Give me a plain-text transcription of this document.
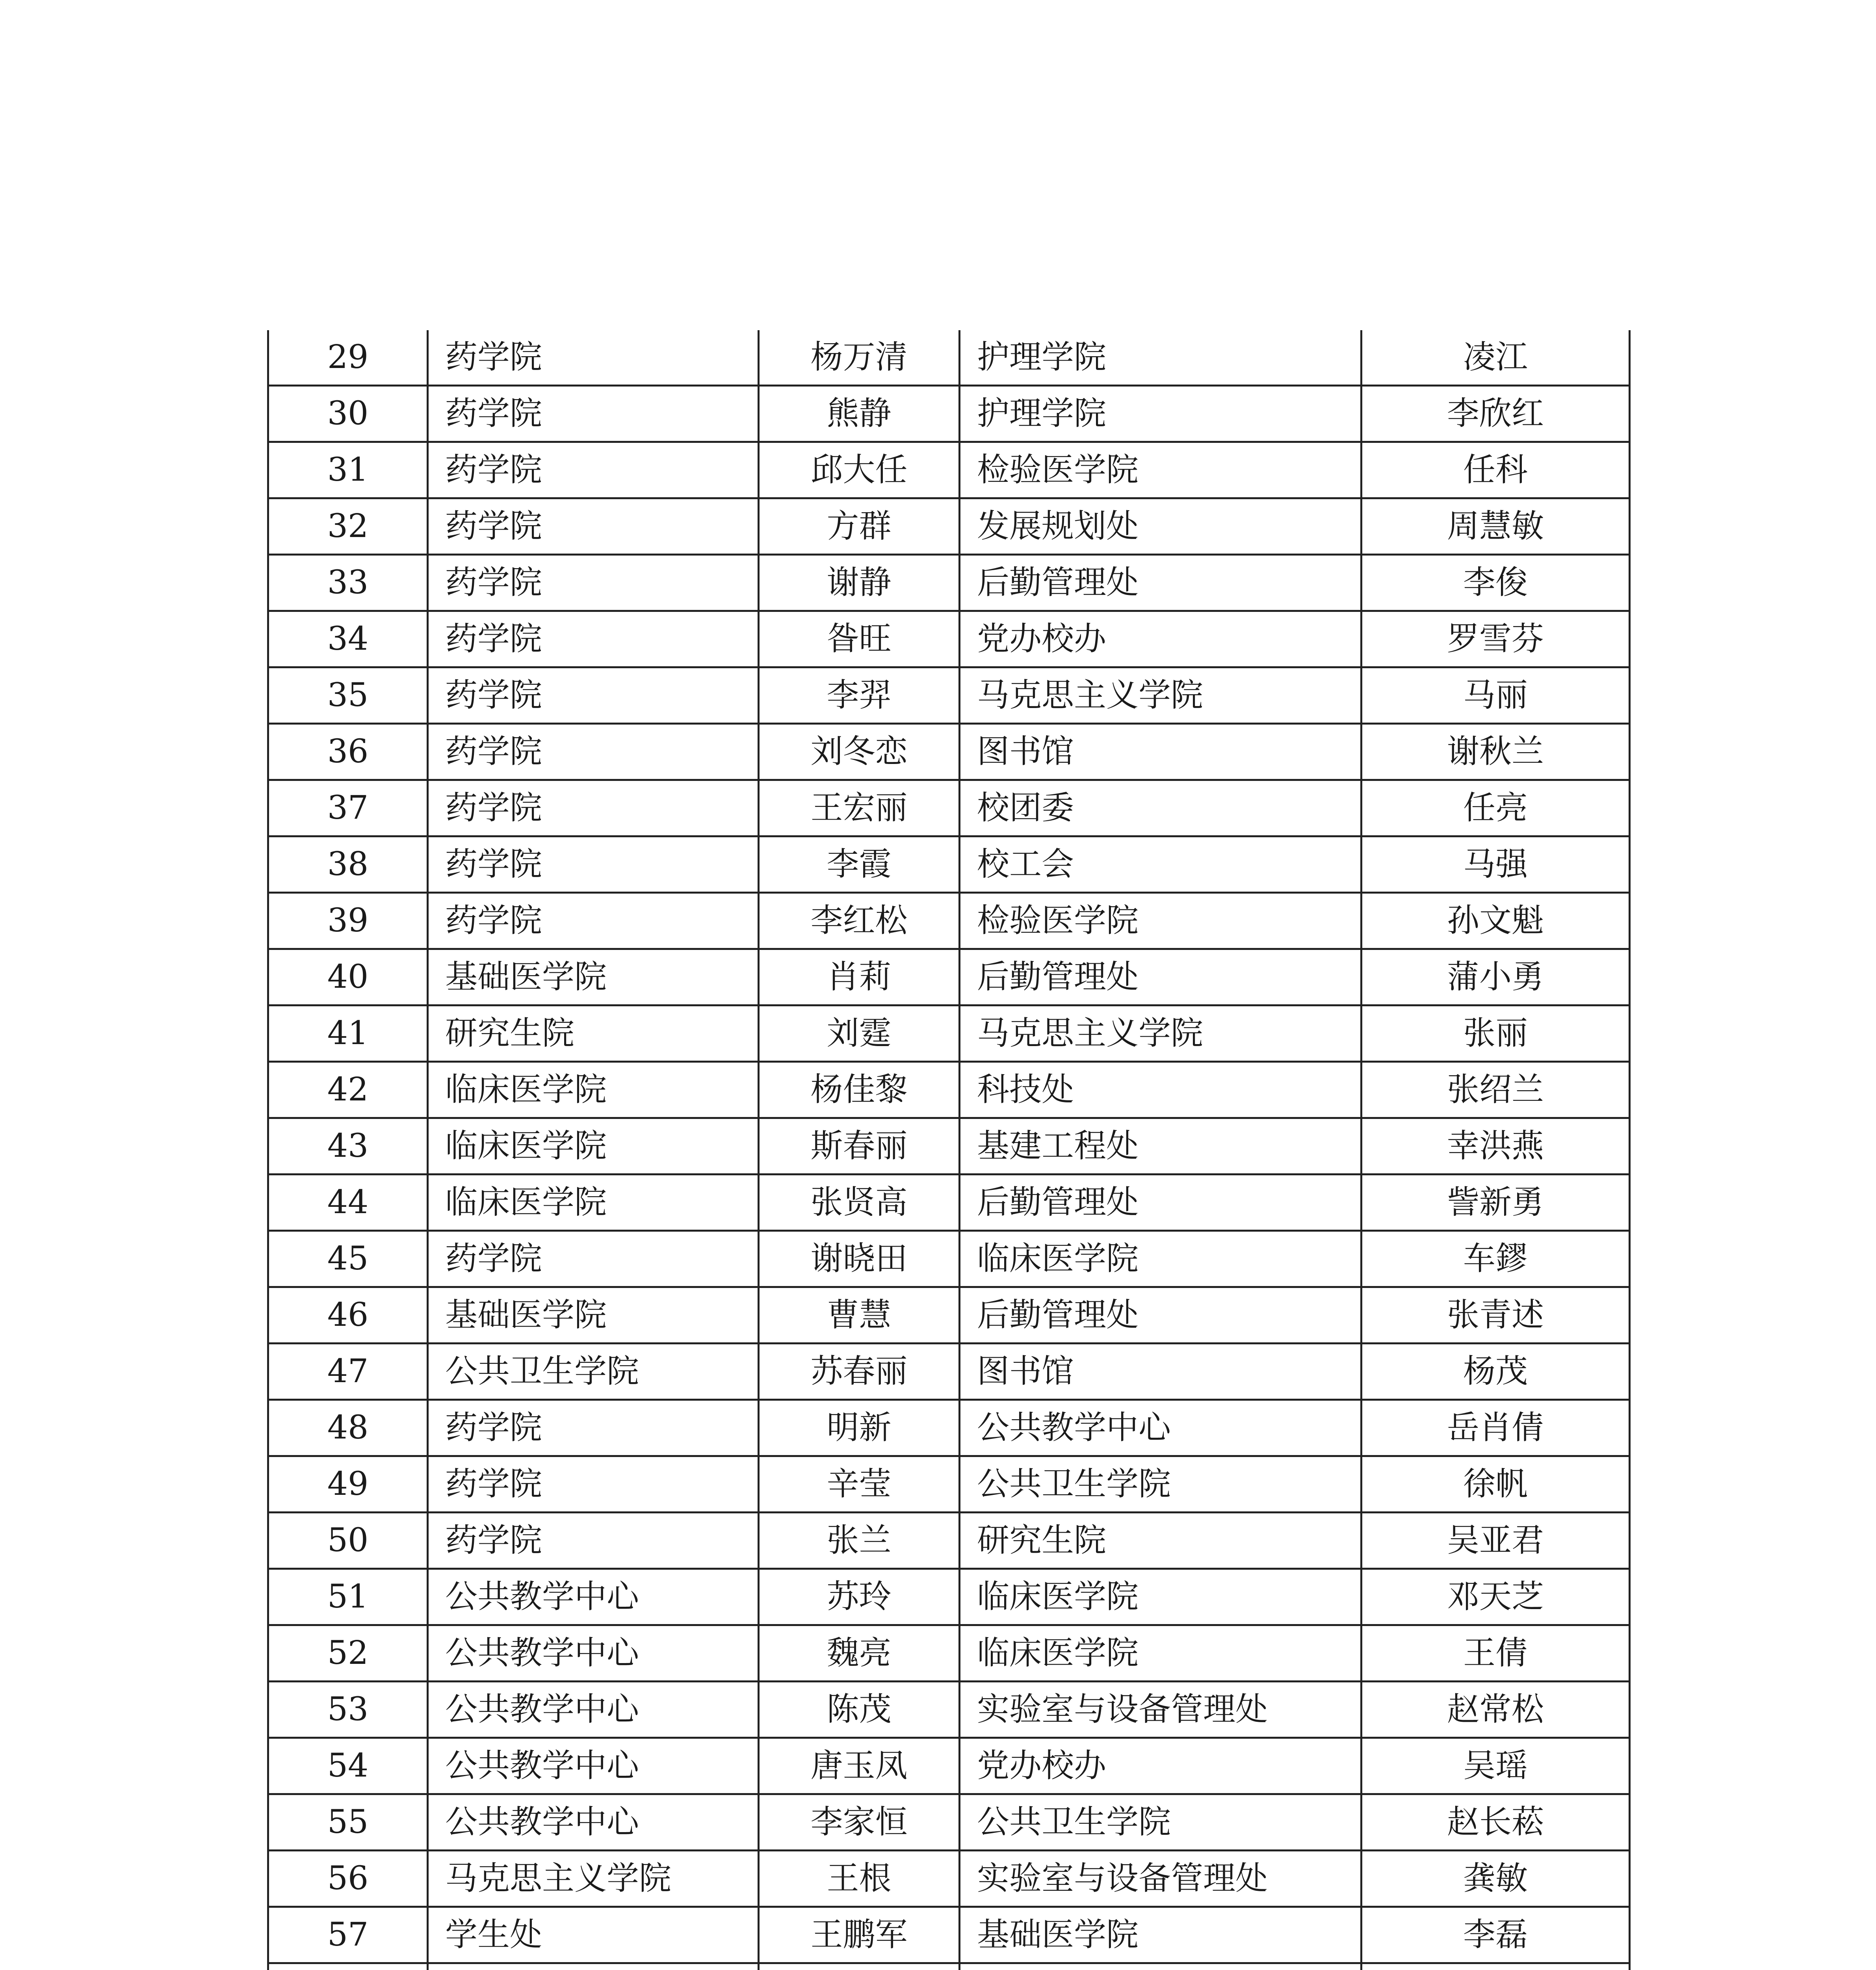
29	药学院	杨万清	护理学院	凌江
30	药学院	熊静	护理学院	李欣红
31	药学院	邱大任	检验医学院	任科
32	药学院	方群	发展规划处	周慧敏
33	药学院	谢静	后勤管理处	李俊
34	药学院	昝旺	党办校办	罗雪芬
35	药学院	李羿	马克思主义学院	马丽
36	药学院	刘冬恋	图书馆	谢秋兰
37	药学院	王宏丽	校团委	任亮
38	药学院	李霞	校工会	马强
39	药学院	李红松	检验医学院	孙文魁
40	基础医学院	肖莉	后勤管理处	蒲小勇
41	研究生院	刘霆	马克思主义学院	张丽
42	临床医学院	杨佳黎	科技处	张绍兰
43	临床医学院	斯春丽	基建工程处	幸洪燕
44	临床医学院	张贤高	后勤管理处	訾新勇
45	药学院	谢晓田	临床医学院	车鏐
46	基础医学院	曹慧	后勤管理处	张青述
47	公共卫生学院	苏春丽	图书馆	杨茂
48	药学院	明新	公共教学中心	岳肖倩
49	药学院	辛莹	公共卫生学院	徐帆
50	药学院	张兰	研究生院	吴亚君
51	公共教学中心	苏玲	临床医学院	邓天芝
52	公共教学中心	魏亮	临床医学院	王倩
53	公共教学中心	陈茂	实验室与设备管理处	赵常松
54	公共教学中心	唐玉凤	党办校办	吴瑶
55	公共教学中心	李家恒	公共卫生学院	赵长菘
56	马克思主义学院	王根	实验室与设备管理处	龚敏
57	学生处	王鹏军	基础医学院	李磊
